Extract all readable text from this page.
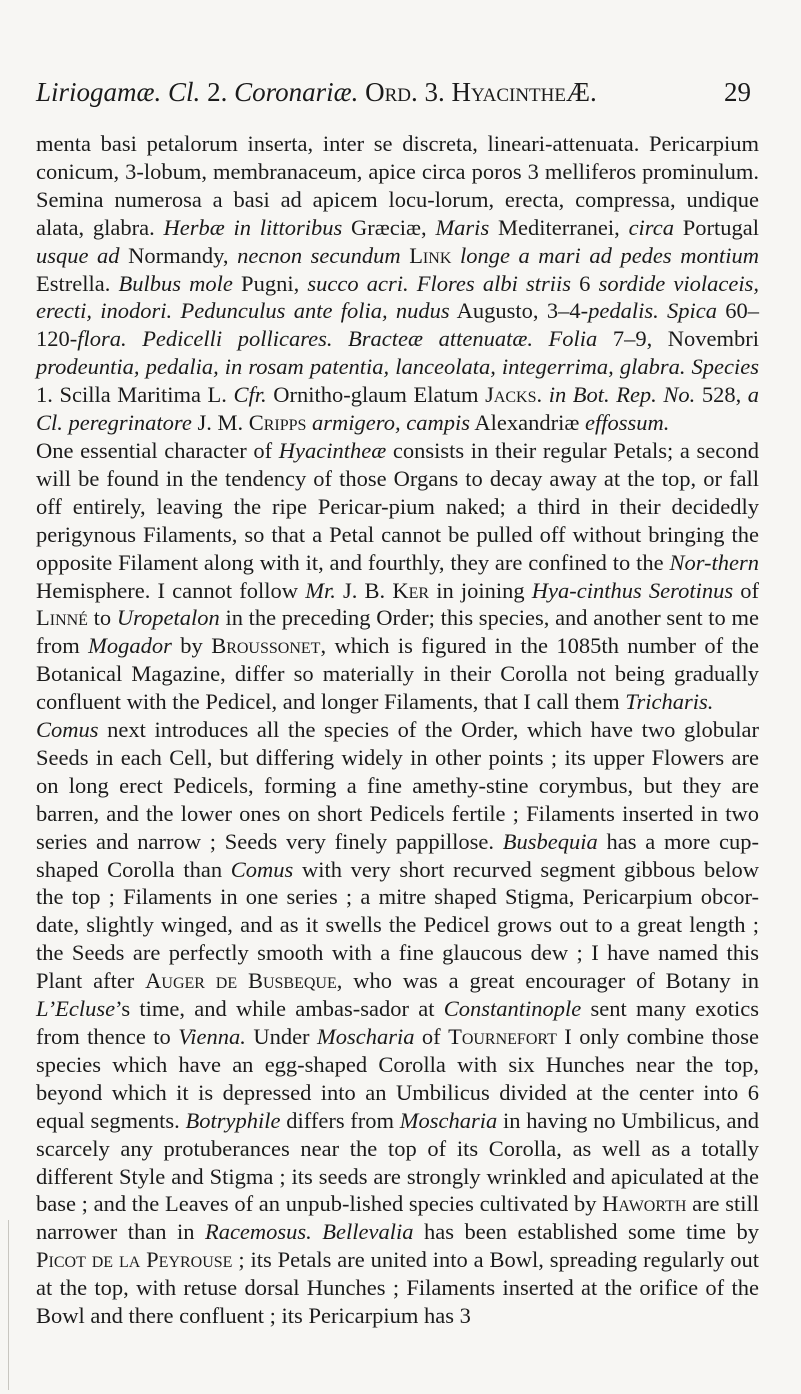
Liriogamæ. Cl. 2. Coronariæ. Ord. 3. HyacintheÆ.	29

menta basi petalorum inserta, inter se discreta, lineari-attenuata. Pericarpium conicum, 3-lobum, membranaceum, apice circa poros 3 melliferos prominulum. Semina numerosa a basi ad apicem locu-lorum, erecta, compressa, undique alata, glabra. Herbæ in littoribus Græciæ, Maris Mediterranei, circa Portugal usque ad Normandy, necnon secundum Link longe a mari ad pedes montium Estrella. Bulbus mole Pugni, succo acri. Flores albi striis 6 sordide violaceis, erecti, inodori. Pedunculus ante folia, nudus Augusto, 3–4-pedalis. Spica 60–120-flora. Pedicelli pollicares. Bracteæ attenuatæ. Folia 7–9, Novembri prodeuntia, pedalia, in rosam patentia, lanceolata, integerrima, glabra. Species 1. Scilla Maritima L. Cfr. Ornitho-glaum Elatum Jacks. in Bot. Rep. No. 528, a Cl. peregrinatore J. M. Cripps armigero, campis Alexandriæ effossum.

One essential character of Hyacintheæ consists in their regular Petals; a second will be found in the tendency of those Organs to decay away at the top, or fall off entirely, leaving the ripe Pericar-pium naked; a third in their decidedly perigynous Filaments, so that a Petal cannot be pulled off without bringing the opposite Filament along with it, and fourthly, they are confined to the Nor-thern Hemisphere. I cannot follow Mr. J. B. Ker in joining Hya-cinthus Serotinus of Linné to Uropetalon in the preceding Order; this species, and another sent to me from Mogador by Broussonet, which is figured in the 1085th number of the Botanical Magazine, differ so materially in their Corolla not being gradually confluent with the Pedicel, and longer Filaments, that I call them Tricharis.

Comus next introduces all the species of the Order, which have two globular Seeds in each Cell, but differing widely in other points ; its upper Flowers are on long erect Pedicels, forming a fine amethy-stine corymbus, but they are barren, and the lower ones on short Pedicels fertile ; Filaments inserted in two series and narrow ; Seeds very finely pappillose. Busbequia has a more cup-shaped Corolla than Comus with very short recurved segment gibbous below the top ; Filaments in one series ; a mitre shaped Stigma, Pericarpium obcor-date, slightly winged, and as it swells the Pedicel grows out to a great length ; the Seeds are perfectly smooth with a fine glaucous dew ; I have named this Plant after Auger de Busbeque, who was a great encourager of Botany in L’Ecluse’s time, and while ambas-sador at Constantinople sent many exotics from thence to Vienna. Under Moscharia of Tournefort I only combine those species which have an egg-shaped Corolla with six Hunches near the top, beyond which it is depressed into an Umbilicus divided at the center into 6 equal segments. Botryphile differs from Moscharia in having no Umbilicus, and scarcely any protuberances near the top of its Corolla, as well as a totally different Style and Stigma ; its seeds are strongly wrinkled and apiculated at the base ; and the Leaves of an unpub-lished species cultivated by Haworth are still narrower than in Racemosus. Bellevalia has been established some time by Picot de la Peyrouse ; its Petals are united into a Bowl, spreading regularly out at the top, with retuse dorsal Hunches ; Filaments inserted at the orifice of the Bowl and there confluent ; its Pericarpium has 3
